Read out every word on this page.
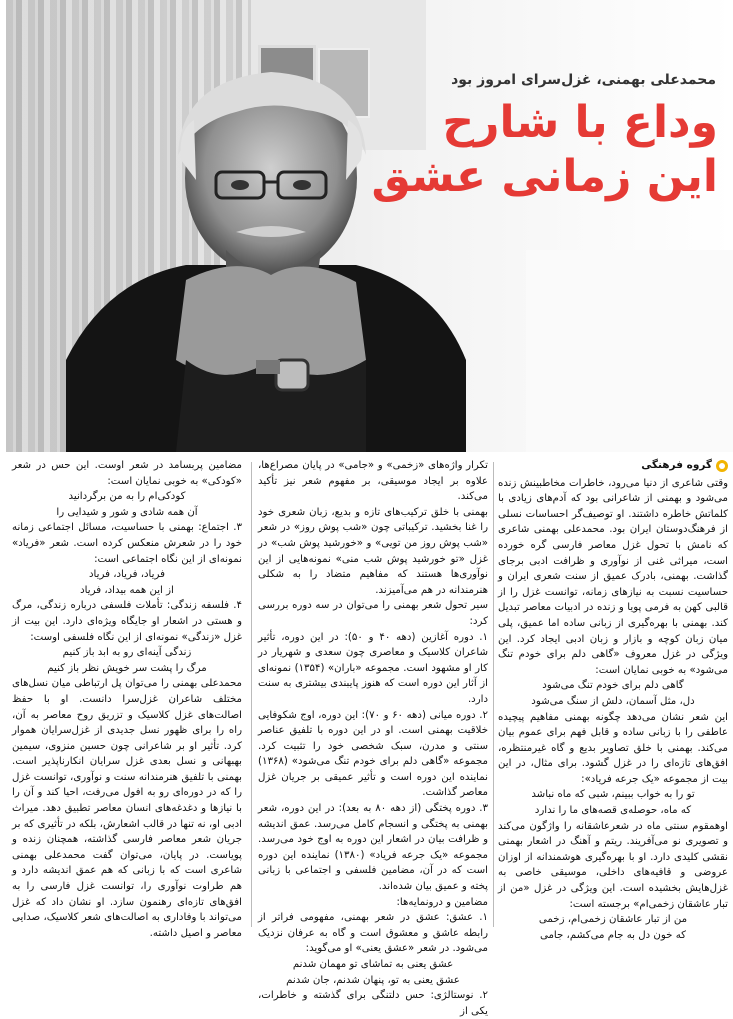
محمدعلی بهمنی، غزل‌سرای امروز بود
وداع با شارح
این زمانی عشق
گروه فرهنگی

وقتی شاعری از دنیا می‌رود، خاطرات مخاطبینش زنده می‌شود و بهمنی از شاعرانی بود که آدم‌های زیادی با کلماتش خاطره داشتند. او توصیف‌گر احساسات نسلی از فرهنگ‌دوستان ایران بود. محمدعلی بهمنی شاعری که نامش با تحول غزل معاصر فارسی گره خورده است، میراثی غنی از نوآوری و ظرافت ادبی برجای گذاشت. بهمنی، بادرک عمیق از سنت شعری ایران و حساسیت نسبت به نیازهای زمانه، توانست غزل را از قالبی کهن به فرمی پویا و زنده در ادبیات معاصر تبدیل کند. بهمنی با بهره‌گیری از زبانی ساده اما عمیق، پلی میان زبان کوچه و بازار و زبان ادبی ایجاد کرد. این ویژگی در غزل معروف «گاهی دلم برای خودم تنگ می‌شود» به خوبی نمایان است:

گاهی دلم برای خودم تنگ می‌شود

دل، مثل آسمان، دلش از سنگ می‌شود

این شعر نشان می‌دهد چگونه بهمنی مفاهیم پیچیده عاطفی را با زبانی ساده و قابل فهم برای عموم بیان می‌کند. بهمنی با خلق تصاویر بدیع و گاه غیرمنتظره، افق‌های تازه‌ای را در غزل گشود. برای مثال، در این بیت از مجموعه «یک جرعه فریاد»:

تو را به خواب ببینم، شبی که ماه نباشد

که ماه، حوصله‌ی قصه‌های ما را ندارد

اوهمقوم سنتی ماه در شعرعاشقانه را واژگون می‌کند و تصویری نو می‌آفریند. ریتم و آهنگ در اشعار بهمنی نقشی کلیدی دارد. او با بهره‌گیری هوشمندانه از اوزان عروضی و قافیه‌های داخلی، موسیقی خاصی به غزل‌هایش بخشیده است. این ویژگی در غزل «من از تبار عاشقان زخمی‌ام» برجسته است:

من از تبار عاشقان زخمی‌ام، زخمی

که خون دل به جام می‌کشم، جامی

تکرار واژه‌های «زخمی» و «جامی» در پایان مصراع‌ها، علاوه بر ایجاد موسیقی، بر مفهوم شعر نیز تأکید می‌کند.

بهمنی با خلق ترکیب‌های تازه و بدیع، زبان شعری خود را غنا بخشید. ترکیباتی چون «شب پوش روز» در شعر «شب پوش روز من تویی» و «خورشید پوش شب» در غزل «تو خورشید پوش شب منی» نمونه‌هایی از این نوآوری‌ها هستند که مفاهیم متضاد را به شکلی هنرمندانه در هم می‌آمیزند.

سیر تحول شعر بهمنی را می‌توان در سه دوره بررسی کرد:

۱. دوره آغازین (دهه ۴۰ و ۵۰): در این دوره، تأثیر شاعران کلاسیک و معاصری چون سعدی و شهریار در کار او مشهود است. مجموعه «باران» (۱۳۵۴) نمونه‌ای از آثار این دوره است که هنوز پایبندی بیشتری به سنت دارد.

۲. دوره میانی (دهه ۶۰ و ۷۰): این دوره، اوج شکوفایی خلاقیت بهمنی است. او در این دوره با تلفیق عناصر سنتی و مدرن، سبک شخصی خود را تثبیت کرد. مجموعه «گاهی دلم برای خودم تنگ می‌شود» (۱۳۶۸) نماینده این دوره است و تأثیر عمیقی بر جریان غزل معاصر گذاشت.

۳. دوره پختگی (از دهه ۸۰ به بعد): در این دوره، شعر بهمنی به پختگی و انسجام کامل می‌رسد. عمق اندیشه و ظرافت بیان در اشعار این دوره به اوج خود می‌رسد. مجموعه «یک جرعه فریاد» (۱۳۸۰) نماینده این دوره است که در آن، مضامین فلسفی و اجتماعی با زبانی پخته و عمیق بیان شده‌اند.

مضامین و درونمایه‌ها:

۱. عشق: عشق در شعر بهمنی، مفهومی فراتر از رابطه عاشق و معشوق است و گاه به عرفان نزدیک می‌شود. در شعر «عشق یعنی» او می‌گوید:

عشق یعنی به تماشای تو مهمان شدنم

عشق یعنی به تو، پنهان شدنم، جان شدنم

۲. نوستالژی: حس دلتنگی برای گذشته و خاطرات، یکی از

مضامین پربسامد در شعر اوست. این حس در شعر «کودکی» به خوبی نمایان است:

کودکی‌ام را به من برگردانید

آن همه شادی و شور و شیدایی را

۳. اجتماع: بهمنی با حساسیت، مسائل اجتماعی زمانه خود را در شعرش منعکس کرده است. شعر «فریاد» نمونه‌ای از این نگاه اجتماعی است:

فریاد، فریاد، فریاد

از این همه بیداد، فریاد

۴. فلسفه زندگی: تأملات فلسفی درباره زندگی، مرگ و هستی در اشعار او جایگاه ویژه‌ای دارد. این بیت از غزل «زندگی» نمونه‌ای از این نگاه فلسفی اوست:

زندگی آینه‌ای رو به ابد باز کنیم

مرگ را پشت سر خویش نظر باز کنیم

محمدعلی بهمنی را می‌توان پل ارتباطی میان نسل‌های مختلف شاعران غزل‌سرا دانست. او با حفظ اصالت‌های غزل کلاسیک و تزریق روح معاصر به آن، راه را برای ظهور نسل جدیدی از غزل‌سرایان هموار کرد. تأثیر او بر شاعرانی چون حسین منزوی، سیمین بهبهانی و نسل بعدی غزل سرایان انکارناپذیر است. بهمنی با تلفیق هنرمندانه سنت و نوآوری، توانست غزل را که در دوره‌ای رو به افول می‌رفت، احیا کند و آن را با نیازها و دغدغه‌های انسان معاصر تطبیق دهد. میراث ادبی او، نه تنها در قالب اشعارش، بلکه در تأثیری که بر جریان شعر معاصر فارسی گذاشته، همچنان زنده و پویاست. در پایان، می‌توان گفت محمدعلی بهمنی شاعری است که با زبانی که هم عمق اندیشه دارد و هم طراوت نوآوری را، توانست غزل فارسی را به افق‌های تازه‌ای رهنمون سازد. او نشان داد که غزل می‌تواند با وفاداری به اصالت‌های شعر کلاسیک، صدایی معاصر و اصیل داشته.
